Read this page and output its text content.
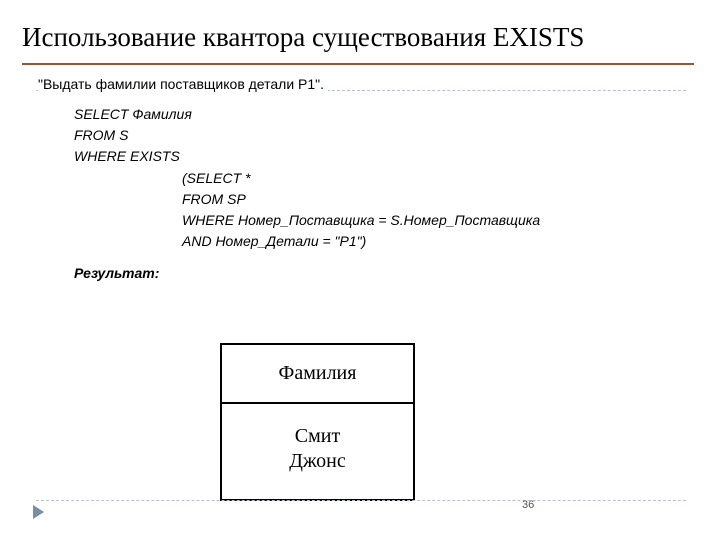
Использование квантора существования EXISTS
"Выдать фамилии поставщиков детали Р1".
SELECT Фамилия
FROM S
WHERE EXISTS
(SELECT *
FROM SP
WHERE Номер_Поставщика = S.Номер_Поставщика
AND Номер_Детали = "P1")
Результат:
Фамилия
Смит
Джонс
36
